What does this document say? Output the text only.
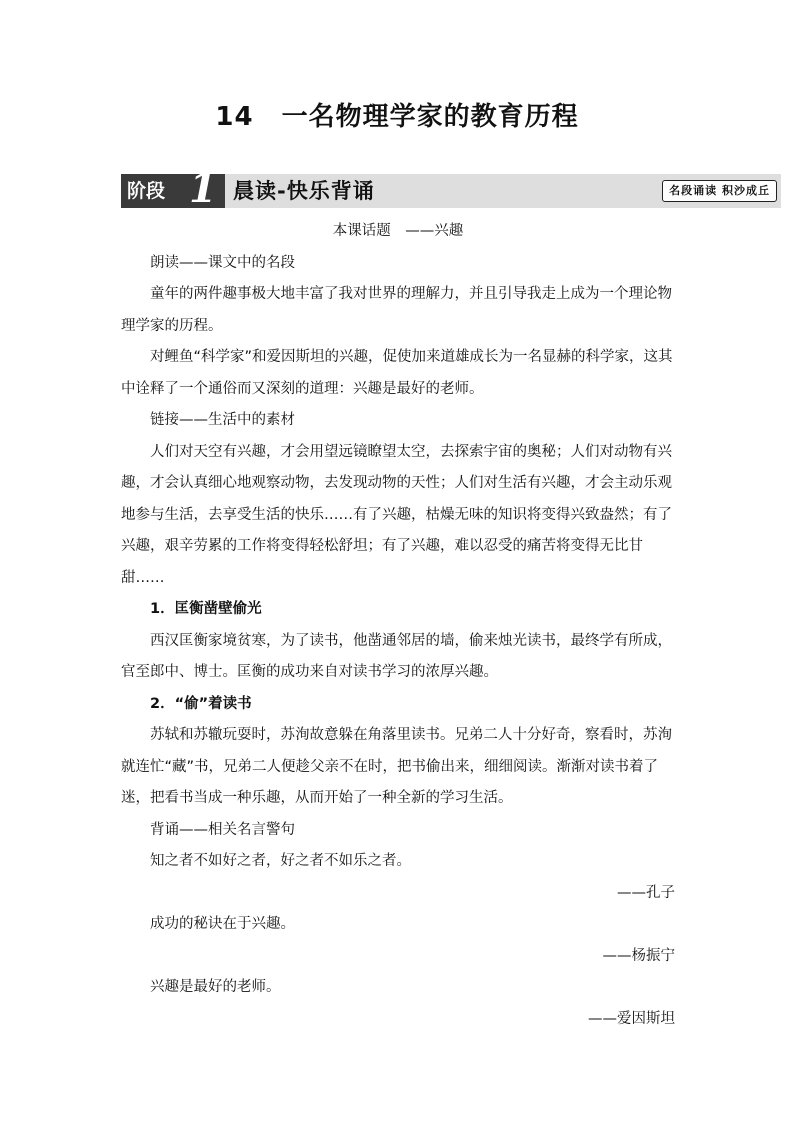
14 一名物理学家的教育历程
阶段 1 晨读-快乐背诵	名段诵读 积沙成丘

本课话题　——兴趣

朗读——课文中的名段

童年的两件趣事极大地丰富了我对世界的理解力，并且引导我走上成为一个理论物理学家的历程。

对鲤鱼“科学家”和爱因斯坦的兴趣，促使加来道雄成长为一名显赫的科学家，这其中诠释了一个通俗而又深刻的道理：兴趣是最好的老师。

链接——生活中的素材

人们对天空有兴趣，才会用望远镜瞭望太空，去探索宇宙的奥秘；人们对动物有兴趣，才会认真细心地观察动物，去发现动物的天性；人们对生活有兴趣，才会主动乐观地参与生活，去享受生活的快乐……有了兴趣，枯燥无味的知识将变得兴致盎然；有了兴趣，艰辛劳累的工作将变得轻松舒坦；有了兴趣，难以忍受的痛苦将变得无比甘甜……

1．匡衡凿壁偷光

西汉匡衡家境贫寒，为了读书，他凿通邻居的墙，偷来烛光读书，最终学有所成，官至郎中、博士。匡衡的成功来自对读书学习的浓厚兴趣。

2．“偷”着读书

苏轼和苏辙玩耍时，苏洵故意躲在角落里读书。兄弟二人十分好奇，察看时，苏洵就连忙“藏”书，兄弟二人便趁父亲不在时，把书偷出来，细细阅读。渐渐对读书着了迷，把看书当成一种乐趣，从而开始了一种全新的学习生活。

背诵——相关名言警句

知之者不如好之者，好之者不如乐之者。

——孔子

成功的秘诀在于兴趣。

——杨振宁

兴趣是最好的老师。

——爱因斯坦
